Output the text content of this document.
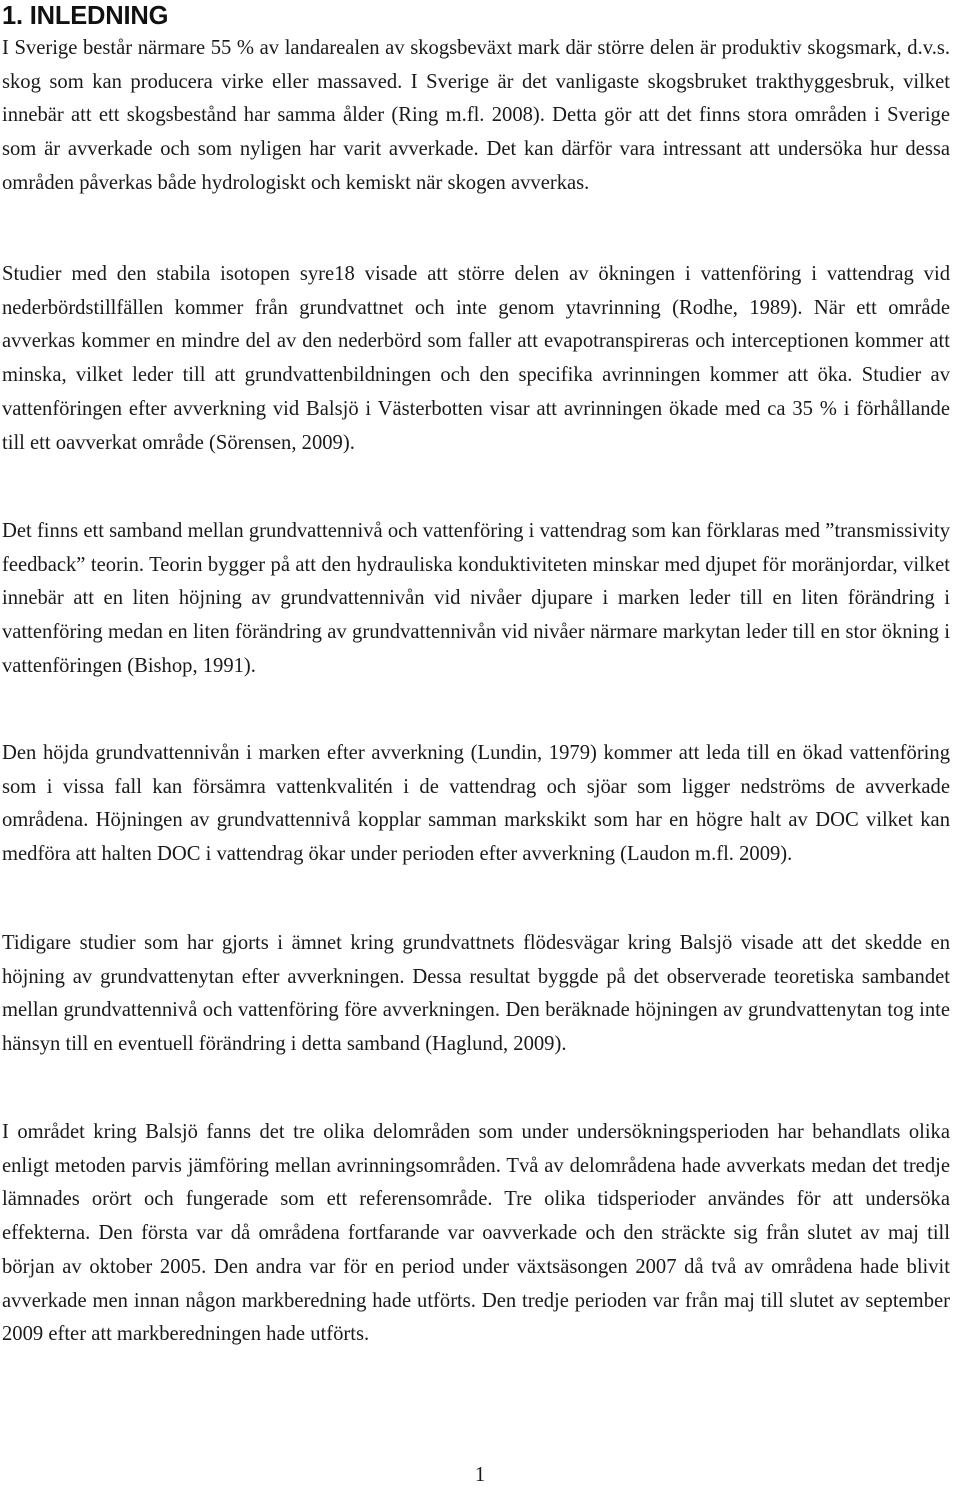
1. INLEDNING

I Sverige består närmare 55 % av landarealen av skogsbeväxt mark där större delen är produktiv skogsmark, d.v.s. skog som kan producera virke eller massaved. I Sverige är det vanligaste skogsbruket trakthyggesbruk, vilket innebär att ett skogsbestånd har samma ålder (Ring m.fl. 2008). Detta gör att det finns stora områden i Sverige som är avverkade och som nyligen har varit avverkade. Det kan därför vara intressant att undersöka hur dessa områden påverkas både hydrologiskt och kemiskt när skogen avverkas.

Studier med den stabila isotopen syre18 visade att större delen av ökningen i vattenföring i vattendrag vid nederbördstillfällen kommer från grundvattnet och inte genom ytavrinning (Rodhe, 1989). När ett område avverkas kommer en mindre del av den nederbörd som faller att evapotranspireras och interceptionen kommer att minska, vilket leder till att grundvattenbildningen och den specifika avrinningen kommer att öka. Studier av vattenföringen efter avverkning vid Balsjö i Västerbotten visar att avrinningen ökade med ca 35 % i förhållande till ett oavverkat område (Sörensen, 2009).

Det finns ett samband mellan grundvattennivå och vattenföring i vattendrag som kan förklaras med ”transmissivity feedback” teorin. Teorin bygger på att den hydrauliska konduktiviteten minskar med djupet för moränjordar, vilket innebär att en liten höjning av grundvattennivån vid nivåer djupare i marken leder till en liten förändring i vattenföring medan en liten förändring av grundvattennivån vid nivåer närmare markytan leder till en stor ökning i vattenföringen (Bishop, 1991).

Den höjda grundvattennivån i marken efter avverkning (Lundin, 1979) kommer att leda till en ökad vattenföring som i vissa fall kan försämra vattenkvalitén i de vattendrag och sjöar som ligger nedströms de avverkade områdena. Höjningen av grundvattennivå kopplar samman markskikt som har en högre halt av DOC vilket kan medföra att halten DOC i vattendrag ökar under perioden efter avverkning (Laudon m.fl. 2009).

Tidigare studier som har gjorts i ämnet kring grundvattnets flödesvägar kring Balsjö visade att det skedde en höjning av grundvattenytan efter avverkningen. Dessa resultat byggde på det observerade teoretiska sambandet mellan grundvattennivå och vattenföring före avverkningen. Den beräknade höjningen av grundvattenytan tog inte hänsyn till en eventuell förändring i detta samband (Haglund, 2009).

I området kring Balsjö fanns det tre olika delområden som under undersökningsperioden har behandlats olika enligt metoden parvis jämföring mellan avrinningsområden. Två av delområdena hade avverkats medan det tredje lämnades orört och fungerade som ett referensområde. Tre olika tidsperioder användes för att undersöka effekterna. Den första var då områdena fortfarande var oavverkade och den sträckte sig från slutet av maj till början av oktober 2005. Den andra var för en period under växtsäsongen 2007 då två av områdena hade blivit avverkade men innan någon markberedning hade utförts. Den tredje perioden var från maj till slutet av september 2009 efter att markberedningen hade utförts.

1
